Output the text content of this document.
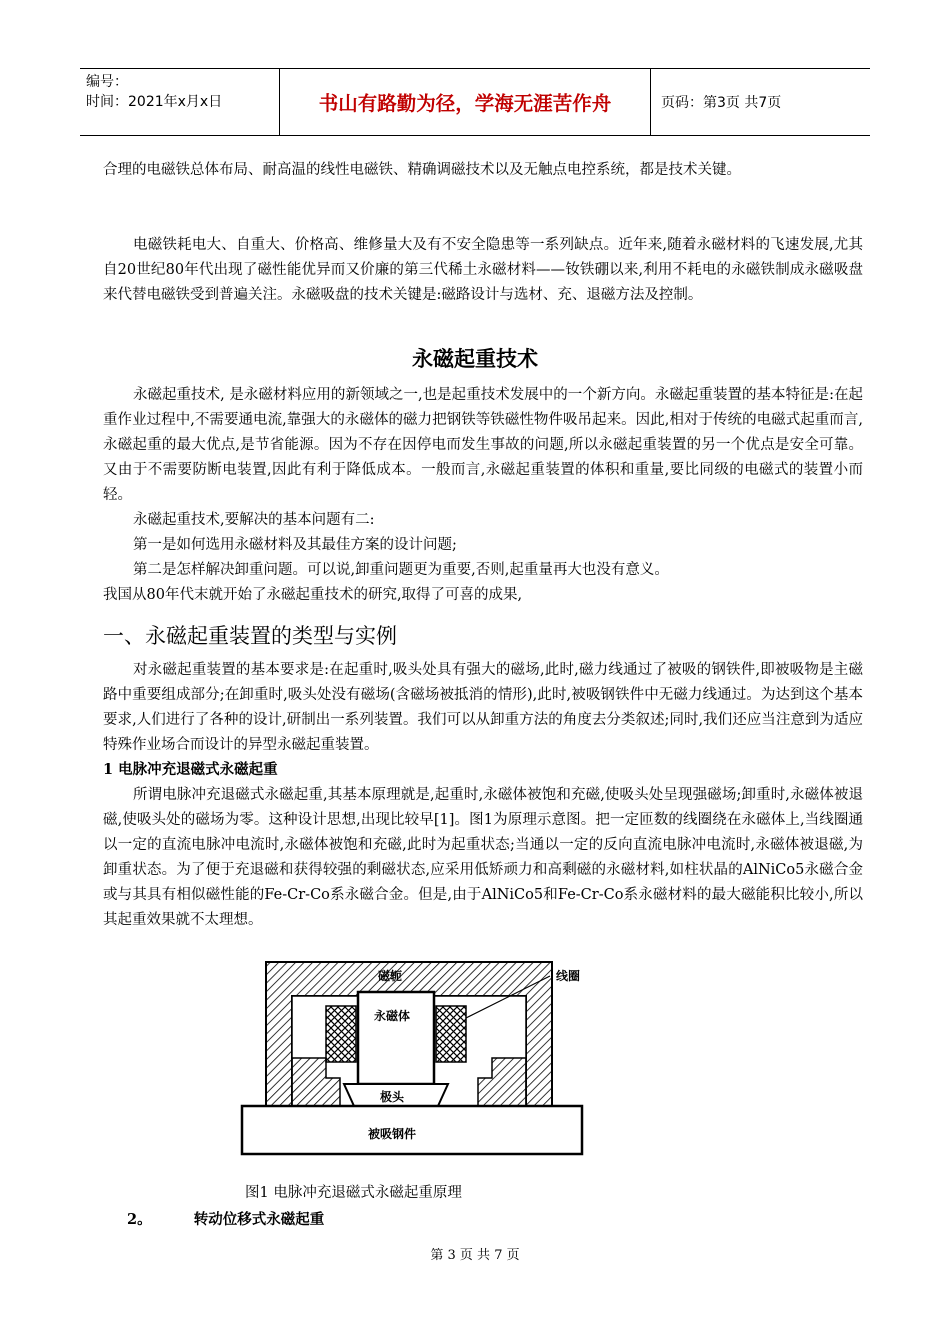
编号：
时间：2021年x月x日	书山有路勤为径，学海无涯苦作舟	页码：第3页 共7页

合理的电磁铁总体布局、耐高温的线性电磁铁、精确调磁技术以及无触点电控系统，都是技术关键。

电磁铁耗电大、自重大、价格高、维修量大及有不安全隐患等一系列缺点。近年来,随着永磁材料的飞速发展,尤其自20世纪80年代出现了磁性能优异而又价廉的第三代稀土永磁材料——钕铁硼以来,利用不耗电的永磁铁制成永磁吸盘来代替电磁铁受到普遍关注。永磁吸盘的技术关键是:磁路设计与选材、充、退磁方法及控制。

永磁起重技术

永磁起重技术, 是永磁材料应用的新领域之一,也是起重技术发展中的一个新方向。永磁起重装置的基本特征是:在起重作业过程中,不需要通电流,靠强大的永磁体的磁力把钢铁等铁磁性物件吸吊起来。因此,相对于传统的电磁式起重而言,永磁起重的最大优点,是节省能源。因为不存在因停电而发生事故的问题,所以永磁起重装置的另一个优点是安全可靠。又由于不需要防断电装置,因此有利于降低成本。一般而言,永磁起重装置的体积和重量,要比同级的电磁式的装置小而轻。

永磁起重技术,要解决的基本问题有二:

第一是如何选用永磁材料及其最佳方案的设计问题;

第二是怎样解决卸重问题。可以说,卸重问题更为重要,否则,起重量再大也没有意义。

我国从80年代末就开始了永磁起重技术的研究,取得了可喜的成果,

一、永磁起重装置的类型与实例

对永磁起重装置的基本要求是:在起重时,吸头处具有强大的磁场,此时,磁力线通过了被吸的钢铁件,即被吸物是主磁路中重要组成部分;在卸重时,吸头处没有磁场(含磁场被抵消的情形),此时,被吸钢铁件中无磁力线通过。为达到这个基本要求,人们进行了各种的设计,研制出一系列装置。我们可以从卸重方法的角度去分类叙述;同时,我们还应当注意到为适应特殊作业场合而设计的异型永磁起重装置。

1 电脉冲充退磁式永磁起重

所谓电脉冲充退磁式永磁起重,其基本原理就是,起重时,永磁体被饱和充磁,使吸头处呈现强磁场;卸重时,永磁体被退磁,使吸头处的磁场为零。这种设计思想,出现比较早[1]。图1为原理示意图。把一定匝数的线圈绕在永磁体上,当线圈通以一定的直流电脉冲电流时,永磁体被饱和充磁,此时为起重状态;当通以一定的反向直流电脉冲电流时,永磁体被退磁,为卸重状态。为了便于充退磁和获得较强的剩磁状态,应采用低矫顽力和高剩磁的永磁材料,如柱状晶的AlNiCo5永磁合金或与其具有相似磁性能的Fe-Cr-Co系永磁合金。但是,由于AlNiCo5和Fe-Cr-Co系永磁材料的最大磁能积比较小,所以其起重效果就不太理想。

磁轭	线圈
永磁体
极头
被吸钢件
图1 电脉冲充退磁式永磁起重原理
2。	转动位移式永磁起重
第 3 页 共 7 页
